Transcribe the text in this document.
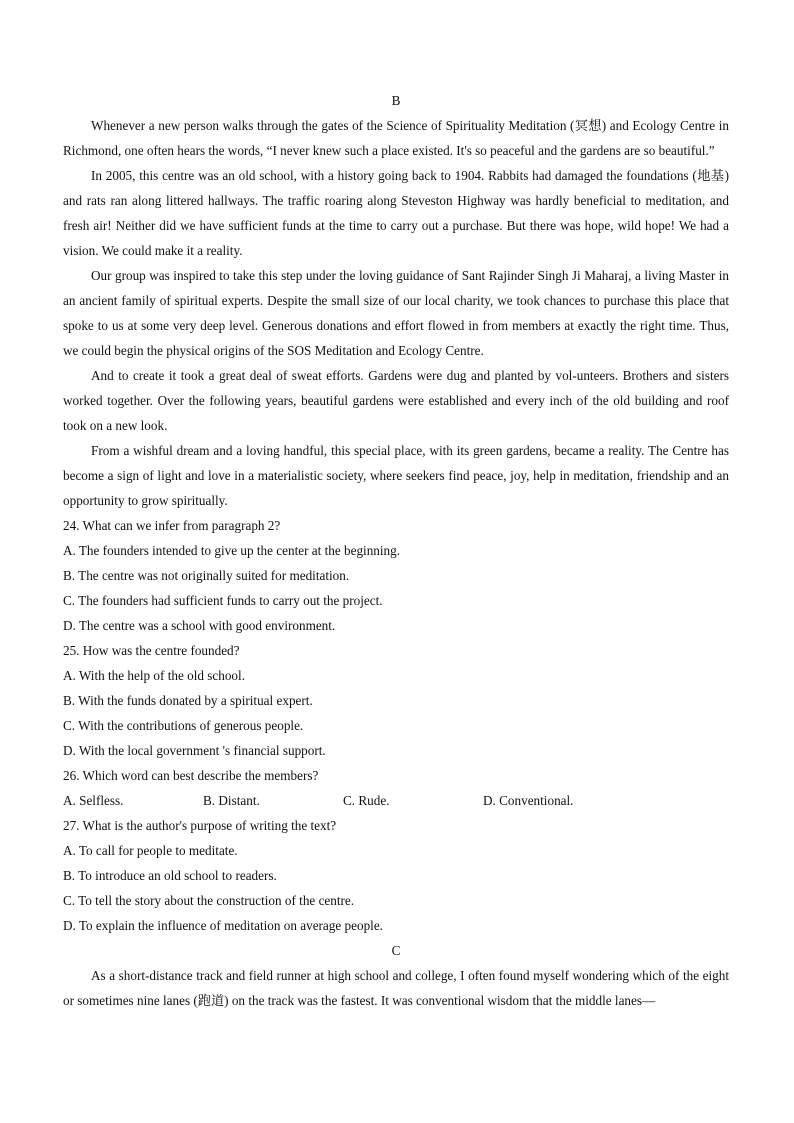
B

Whenever a new person walks through the gates of the Science of Spirituality Meditation (冥想) and Ecology Centre in Richmond, one often hears the words, “I never knew such a place existed. It's so peaceful and the gardens are so beautiful.”

In 2005, this centre was an old school, with a history going back to 1904. Rabbits had damaged the foundations (地基) and rats ran along littered hallways. The traffic roaring along Steveston Highway was hardly beneficial to meditation, and fresh air! Neither did we have sufficient funds at the time to carry out a purchase. But there was hope, wild hope! We had a vision. We could make it a reality.

Our group was inspired to take this step under the loving guidance of Sant Rajinder Singh Ji Maharaj, a living Master in an ancient family of spiritual experts. Despite the small size of our local charity, we took chances to purchase this place that spoke to us at some very deep level. Generous donations and effort flowed in from members at exactly the right time. Thus, we could begin the physical origins of the SOS Meditation and Ecology Centre.

And to create it took a great deal of sweat efforts. Gardens were dug and planted by vol-unteers. Brothers and sisters worked together. Over the following years, beautiful gardens were established and every inch of the old building and roof took on a new look.

From a wishful dream and a loving handful, this special place, with its green gardens, became a reality. The Centre has become a sign of light and love in a materialistic society, where seekers find peace, joy, help in meditation, friendship and an opportunity to grow spiritually.

24. What can we infer from paragraph 2?

A. The founders intended to give up the center at the beginning.

B. The centre was not originally suited for meditation.

C. The founders had sufficient funds to carry out the project.

D. The centre was a school with good environment.

25. How was the centre founded?

A. With the help of the old school.

B. With the funds donated by a spiritual expert.

C. With the contributions of generous people.

D. With the local government 's financial support.

26. Which word can best describe the members?

A. Selfless.	B. Distant.	C. Rude.	D. Conventional.

27. What is the author's purpose of writing the text?

A. To call for people to meditate.

B. To introduce an old school to readers.

C. To tell the story about the construction of the centre.

D. To explain the influence of meditation on average people.

C

As a short-distance track and field runner at high school and college, I often found myself wondering which of the eight or sometimes nine lanes (跑道) on the track was the fastest. It was conventional wisdom that the middle lanes—
